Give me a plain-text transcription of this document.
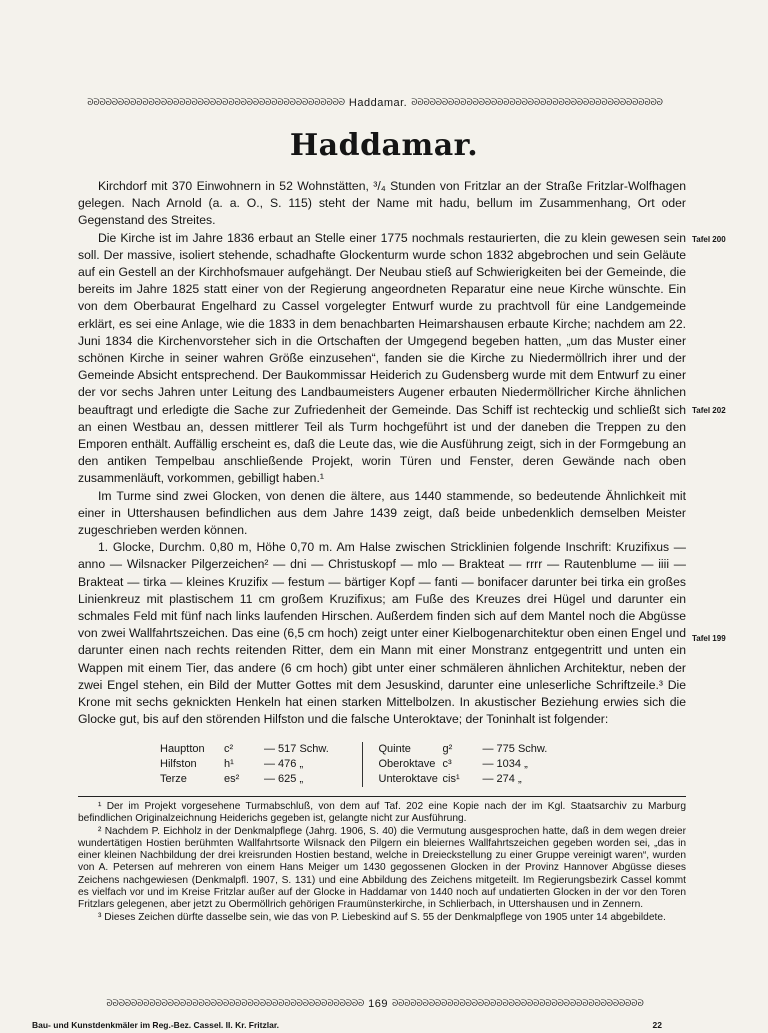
ᘐᘐᘐᘐᘐᘐᘐᘐᘐᘐᘐᘐᘐᘐᘐᘐᘐᘐᘐᘐᘐᘐᘐᘐᘐᘐᘐᘐᘐᘐᘐᘐᘐᘐᘐᘐᘐᘐᘐᘐᘐᘐ Haddamar. ᘐᘐᘐᘐᘐᘐᘐᘐᘐᘐᘐᘐᘐᘐᘐᘐᘐᘐᘐᘐᘐᘐᘐᘐᘐᘐᘐᘐᘐᘐᘐᘐᘐᘐᘐᘐᘐᘐᘐᘐᘐ
Haddamar.

Kirchdorf mit 370 Einwohnern in 52 Wohnstätten, ³/₄ Stunden von Fritzlar an der Straße Fritzlar-Wolfhagen gelegen. Nach Arnold (a. a. O., S. 115) steht der Name mit hadu, bellum im Zusammenhang, Ort oder Gegenstand des Streites.

Die Kirche ist im Jahre 1836 erbaut an Stelle einer 1775 nochmals restaurierten, die zu klein gewesen sein soll. Der massive, isoliert stehende, schadhafte Glockenturm wurde schon 1832 abgebrochen und sein Geläute auf ein Gestell an der Kirchhofsmauer aufgehängt. Der Neubau stieß auf Schwierigkeiten bei der Gemeinde, die bereits im Jahre 1825 statt einer von der Regierung angeordneten Reparatur eine neue Kirche wünschte. Ein von dem Oberbaurat Engelhard zu Cassel vorgelegter Entwurf wurde zu prachtvoll für eine Landgemeinde erklärt, es sei eine Anlage, wie die 1833 in dem benachbarten Heimarshausen erbaute Kirche; nachdem am 22. Juni 1834 die Kirchenvorsteher sich in die Ortschaften der Umgegend begeben hatten, „um das Muster einer schönen Kirche in seiner wahren Größe einzusehen“, fanden sie die Kirche zu Niedermöllrich ihrer und der Gemeinde Absicht entsprechend. Der Baukommissar Heiderich zu Gudensberg wurde mit dem Entwurf zu einer der vor sechs Jahren unter Leitung des Landbaumeisters Augener erbauten Niedermöllricher Kirche ähnlichen beauftragt und erledigte die Sache zur Zufriedenheit der Gemeinde. Das Schiff ist rechteckig und schließt sich an einen Westbau an, dessen mittlerer Teil als Turm hochgeführt ist und der daneben die Treppen zu den Emporen enthält. Auffällig erscheint es, daß die Leute das, wie die Ausführung zeigt, sich in der Formgebung an den antiken Tempelbau anschließende Projekt, worin Türen und Fenster, deren Gewände nach oben zusammenläuft, vorkommen, gebilligt haben.¹

Im Turme sind zwei Glocken, von denen die ältere, aus 1440 stammende, so bedeutende Ähnlichkeit mit einer in Uttershausen befindlichen aus dem Jahre 1439 zeigt, daß beide unbedenklich demselben Meister zugeschrieben werden können.

1. Glocke, Durchm. 0,80 m, Höhe 0,70 m. Am Halse zwischen Stricklinien folgende Inschrift: Kruzifixus — anno — Wilsnacker Pilgerzeichen² — dni — Christuskopf — mlo — Brakteat — rrrr — Rautenblume — iiii — Brakteat — tirka — kleines Kruzifix — festum — bärtiger Kopf — fanti — bonifacer darunter bei tirka ein großes Linienkreuz mit plastischem 11 cm großem Kruzifixus; am Fuße des Kreuzes drei Hügel und darunter ein schmales Feld mit fünf nach links laufenden Hirschen. Außerdem finden sich auf dem Mantel noch die Abgüsse von zwei Wallfahrtszeichen. Das eine (6,5 cm hoch) zeigt unter einer Kielbogenarchitektur oben einen Engel und darunter einen nach rechts reitenden Ritter, dem ein Mann mit einer Monstranz entgegentritt und unten ein Wappen mit einem Tier, das andere (6 cm hoch) gibt unter einer schmäleren ähnlichen Architektur, neben der zwei Engel stehen, ein Bild der Mutter Gottes mit dem Jesuskind, darunter eine unleserliche Schriftzeile.³ Die Krone mit sechs geknickten Henkeln hat einen starken Mittelbolzen. In akustischer Beziehung erwies sich die Glocke gut, bis auf den störenden Hilfston und die falsche Unteroktave; der Toninhalt ist folgender:

Tafel 200
Tafel 202
Tafel 199
Hauptton	c²	— 517 Schw.
Hilfston	h¹	— 476 „
Terze	es²	— 625 „
Quinte	g²	— 775 Schw.
Oberoktave c³	— 1034 „
Unteroktave cis¹	— 274 „

¹ Der im Projekt vorgesehene Turmabschluß, von dem auf Taf. 202 eine Kopie nach der im Kgl. Staatsarchiv zu Marburg befindlichen Originalzeichnung Heiderichs gegeben ist, gelangte nicht zur Ausführung.

² Nachdem P. Eichholz in der Denkmalpflege (Jahrg. 1906, S. 40) die Vermutung ausgesprochen hatte, daß in dem wegen dreier wundertätigen Hostien berühmten Wallfahrtsorte Wilsnack den Pilgern ein bleiernes Wallfahrtszeichen gegeben worden sei, „das in einer kleinen Nachbildung der drei kreisrunden Hostien bestand, welche in Dreieckstellung zu einer Gruppe vereinigt waren“, wurden von A. Petersen auf mehreren von einem Hans Meiger um 1430 gegossenen Glocken in der Provinz Hannover Abgüsse dieses Zeichens nachgewiesen (Denkmalpfl. 1907, S. 131) und eine Abbildung des Zeichens mitgeteilt. Im Regierungsbezirk Cassel kommt es vielfach vor und im Kreise Fritzlar außer auf der Glocke in Haddamar von 1440 noch auf undatierten Glocken in der vor den Toren Fritzlars gelegenen, aber jetzt zu Obermöllrich gehörigen Fraumünsterkirche, in Schlierbach, in Uttershausen und in Zennern.

³ Dieses Zeichen dürfte dasselbe sein, wie das von P. Liebeskind auf S. 55 der Denkmalpflege von 1905 unter 14 abgebildete.

ᘐᘐᘐᘐᘐᘐᘐᘐᘐᘐᘐᘐᘐᘐᘐᘐᘐᘐᘐᘐᘐᘐᘐᘐᘐᘐᘐᘐᘐᘐᘐᘐᘐᘐᘐᘐᘐᘐᘐᘐᘐᘐ 169 ᘐᘐᘐᘐᘐᘐᘐᘐᘐᘐᘐᘐᘐᘐᘐᘐᘐᘐᘐᘐᘐᘐᘐᘐᘐᘐᘐᘐᘐᘐᘐᘐᘐᘐᘐᘐᘐᘐᘐᘐᘐ
Bau- und Kunstdenkmäler im Reg.-Bez. Cassel. II. Kr. Fritzlar.	22
